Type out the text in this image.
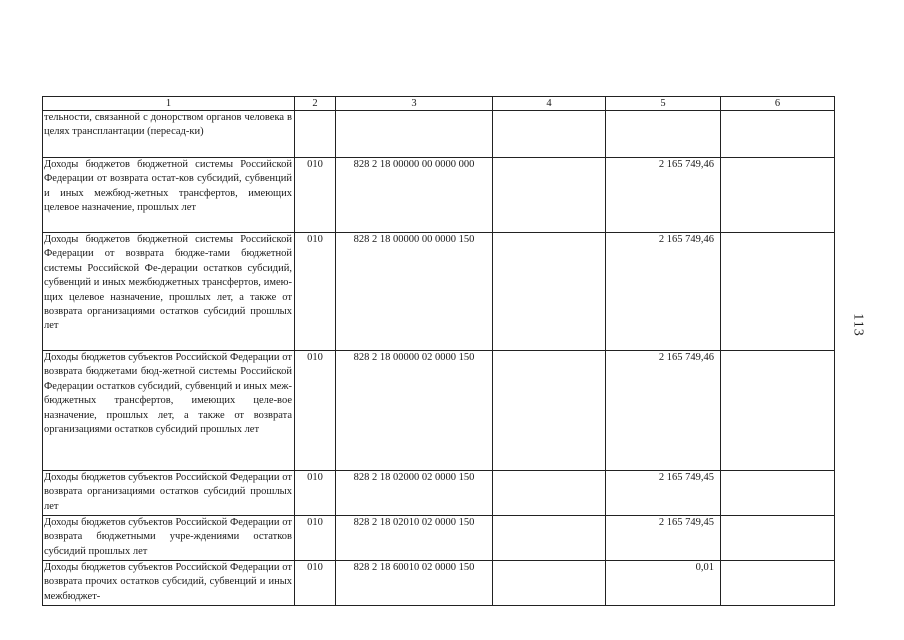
1	2	3	4	5	6
тельности, связанной с донорством органов человека в целях трансплантации (пересад-ки)					
Доходы бюджетов бюджетной системы Российской Федерации от возврата остат-ков субсидий, субвенций и иных межбюд-жетных трансфертов, имеющих целевое назначение, прошлых лет	010	828 2 18 00000 00 0000 000		2 165 749,46	
Доходы бюджетов бюджетной системы Российской Федерации от возврата бюдже-тами бюджетной системы Российской Фе-дерации остатков субсидий, субвенций и иных межбюджетных трансфертов, имею-щих целевое назначение, прошлых лет, а также от возврата организациями остатков субсидий прошлых лет	010	828 2 18 00000 00 0000 150		2 165 749,46	
Доходы бюджетов субъектов Российской Федерации от возврата бюджетами бюд-жетной системы Российской Федерации остатков субсидий, субвенций и иных меж-бюджетных трансфертов, имеющих целе-вое назначение, прошлых лет, а также от возврата организациями остатков субсидий прошлых лет	010	828 2 18 00000 02 0000 150		2 165 749,46	
Доходы бюджетов субъектов Российской Федерации от возврата организациями остатков субсидий прошлых лет	010	828 2 18 02000 02 0000 150		2 165 749,45	
Доходы бюджетов субъектов Российской Федерации от возврата бюджетными учре-ждениями остатков субсидий прошлых лет	010	828 2 18 02010 02 0000 150		2 165 749,45	
Доходы бюджетов субъектов Российской Федерации от возврата прочих остатков субсидий, субвенций и иных межбюджет-	010	828 2 18 60010 02 0000 150		0,01	
113
